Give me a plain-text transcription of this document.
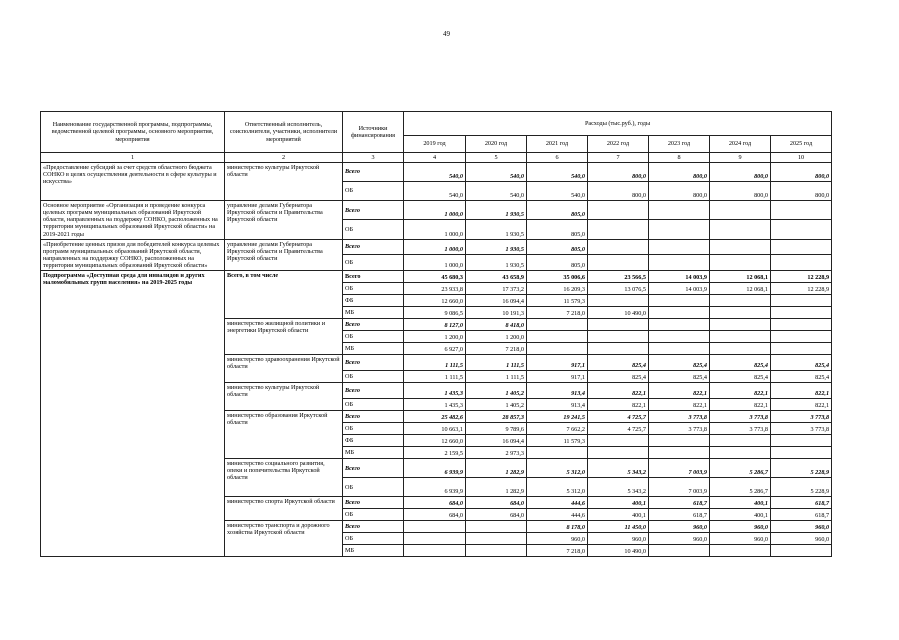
49
Наименование государственной программы, подпрограммы, ведомственной целевой программы, основного мероприятия, мероприятия	Ответственный исполнитель, соисполнители, участники, исполнители мероприятий	Источники финансирования	Расходы (тыс.руб.), годы						
			2019 год	2020 год	2021 год	2022 год	2023 год	2024 год	2025 год
1	2	3	4	5	6	7	8	9	10
«Предоставление субсидий за счет средств областного бюджета СОНКО в целях осуществления деятельности в сфере культуры и искусства»	министерство культуры Иркутской области	Всего	540,0	540,0	540,0	800,0	800,0	800,0	800,0
		ОБ	540,0	540,0	540,0	800,0	800,0	800,0	800,0
Основное мероприятие «Организация и проведение конкурса целевых программ муниципальных образований Иркутской области, направленных на поддержку СОНКО, расположенных на территории муниципальных образований Иркутской области» на 2019-2021 годы	управление делами Губернатора Иркутской области и Правительства Иркутской области	Всего	1 000,0	1 930,5	805,0				
		ОБ	1 000,0	1 930,5	805,0				
«Приобретение ценных призов для победителей конкурса целевых программ муниципальных образований Иркутской области, направленных на поддержку СОНКО, расположенных на территории муниципальных образований Иркутской области»	управление делами Губернатора Иркутской области и Правительства Иркутской области	Всего	1 000,0	1 930,5	805,0				
		ОБ	1 000,0	1 930,5	805,0				
Подпрограмма «Доступная среда для инвалидов и других маломобильных групп населения» на 2019-2025 годы	Всего, в том числе	Всего	45 680,3	43 658,9	35 006,6	23 566,5	14 003,9	12 068,1	12 228,9
		ОБ	23 933,8	17 373,2	16 209,3	13 076,5	14 003,9	12 068,1	12 228,9
		ФБ	12 660,0	16 094,4	11 579,3				
		МБ	9 086,5	10 191,3	7 218,0	10 490,0			
	министерство жилищной политики и энергетики Иркутской области	Всего	8 127,0	8 418,0					
		ОБ	1 200,0	1 200,0					
		МБ	6 927,0	7 218,0					
	министерство здравоохранения Иркутской области	Всего	1 111,5	1 111,5	917,1	825,4	825,4	825,4	825,4
		ОБ	1 111,5	1 111,5	917,1	825,4	825,4	825,4	825,4
	министерство культуры Иркутской области	Всего	1 435,3	1 405,2	913,4	822,1	822,1	822,1	822,1
		ОБ	1 435,3	1 405,2	913,4	822,1	822,1	822,1	822,1
	министерство образования Иркутской области	Всего	25 482,6	28 857,3	19 241,5	4 725,7	3 773,8	3 773,8	3 773,8
		ОБ	10 663,1	9 789,6	7 662,2	4 725,7	3 773,8	3 773,8	3 773,8
		ФБ	12 660,0	16 094,4	11 579,3				
		МБ	2 159,5	2 973,3					
	министерство социального развития, опеки и попечительства Иркутской области	Всего	6 939,9	1 282,9	5 312,0	5 343,2	7 003,9	5 286,7	5 228,9
		ОБ	6 939,9	1 282,9	5 312,0	5 343,2	7 003,9	5 286,7	5 228,9
	министерство спорта Иркутской области	Всего	684,0	684,0	444,6	400,1	618,7	400,1	618,7
		ОБ	684,0	684,0	444,6	400,1	618,7	400,1	618,7
	министерство транспорта и дорожного хозяйства Иркутской области	Всего			8 178,0	11 450,0	960,0	960,0	960,0
		ОБ			960,0	960,0	960,0	960,0	960,0
		МБ			7 218,0	10 490,0			
